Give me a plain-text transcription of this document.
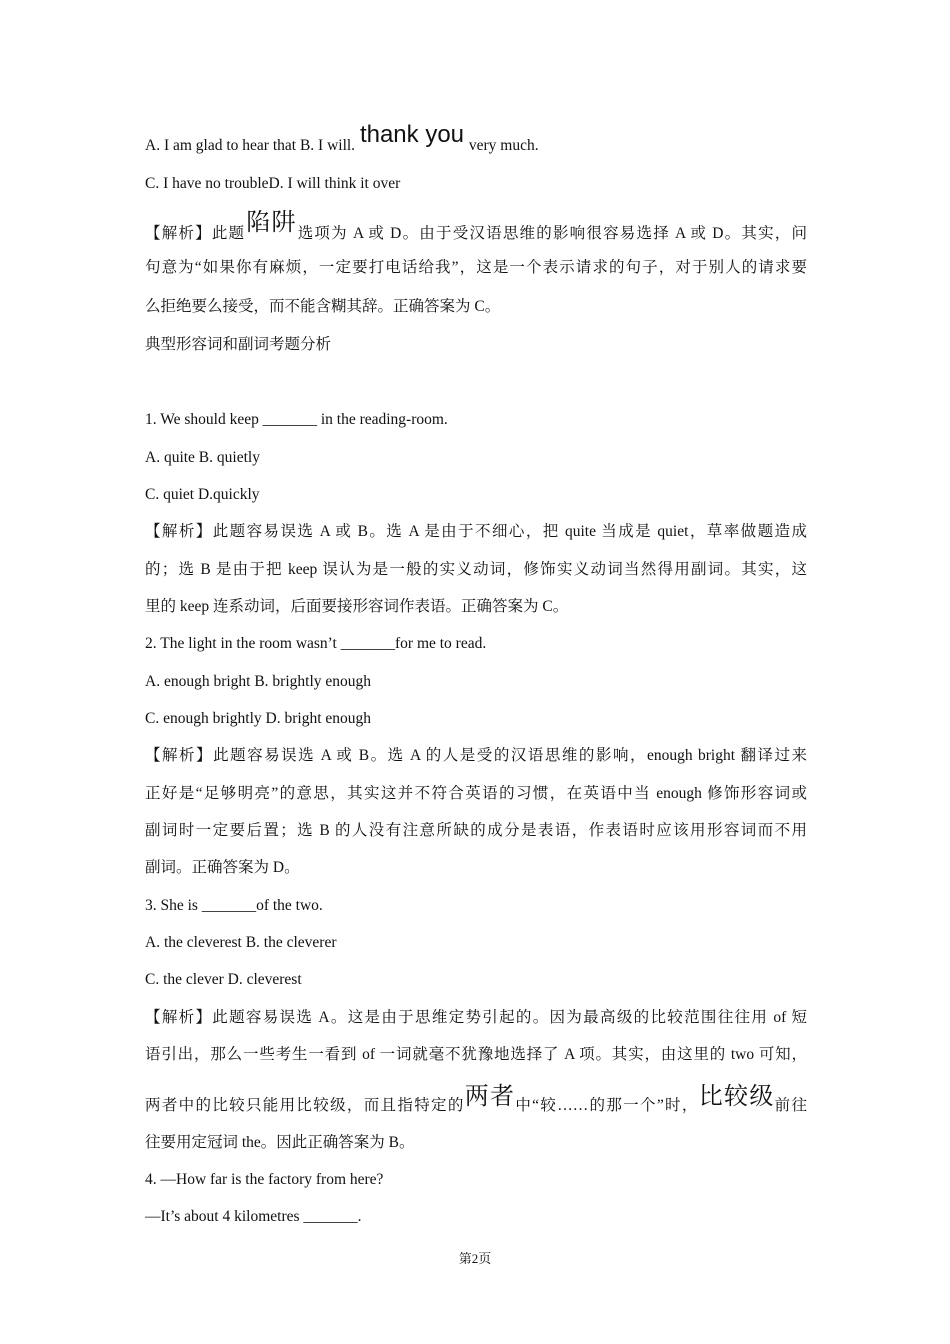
A. I am glad to hear that B. I will. thank you very much.
C. I have no troubleD. I will think it over
【解析】此题陷阱选项为 A 或 D。由于受汉语思维的影响很容易选择 A 或 D。其实，问
句意为“如果你有麻烦，一定要打电话给我”，这是一个表示请求的句子，对于别人的请求要
么拒绝要么接受，而不能含糊其辞。正确答案为 C。
典型形容词和副词考题分析
1. We should keep _______ in the reading-room.
A. quite B. quietly
C. quiet D.quickly
【解析】此题容易误选 A 或 B。选 A 是由于不细心，把 quite 当成是 quiet，草率做题造成
的；选 B 是由于把 keep 误认为是一般的实义动词，修饰实义动词当然得用副词。其实，这
里的 keep 连系动词，后面要接形容词作表语。正确答案为 C。
2. The light in the room wasn’t _______for me to read.
A. enough bright B. brightly enough
C. enough brightly D. bright enough
【解析】此题容易误选 A 或 B。选 A 的人是受的汉语思维的影响，enough bright 翻译过来
正好是“足够明亮”的意思，其实这并不符合英语的习惯，在英语中当 enough 修饰形容词或
副词时一定要后置；选 B 的人没有注意所缺的成分是表语，作表语时应该用形容词而不用
副词。正确答案为 D。
3. She is _______of the two.
A. the cleverest B. the cleverer
C. the clever D. cleverest
【解析】此题容易误选 A。这是由于思维定势引起的。因为最高级的比较范围往往用 of 短
语引出，那么一些考生一看到 of 一词就毫不犹豫地选择了 A 项。其实，由这里的 two 可知，
两者中的比较只能用比较级，而且指特定的两者中“较……的那一个”时，比较级前往
往要用定冠词 the。因此正确答案为 B。
4. —How far is the factory from here?
—It’s about 4 kilometres _______.
第2页
